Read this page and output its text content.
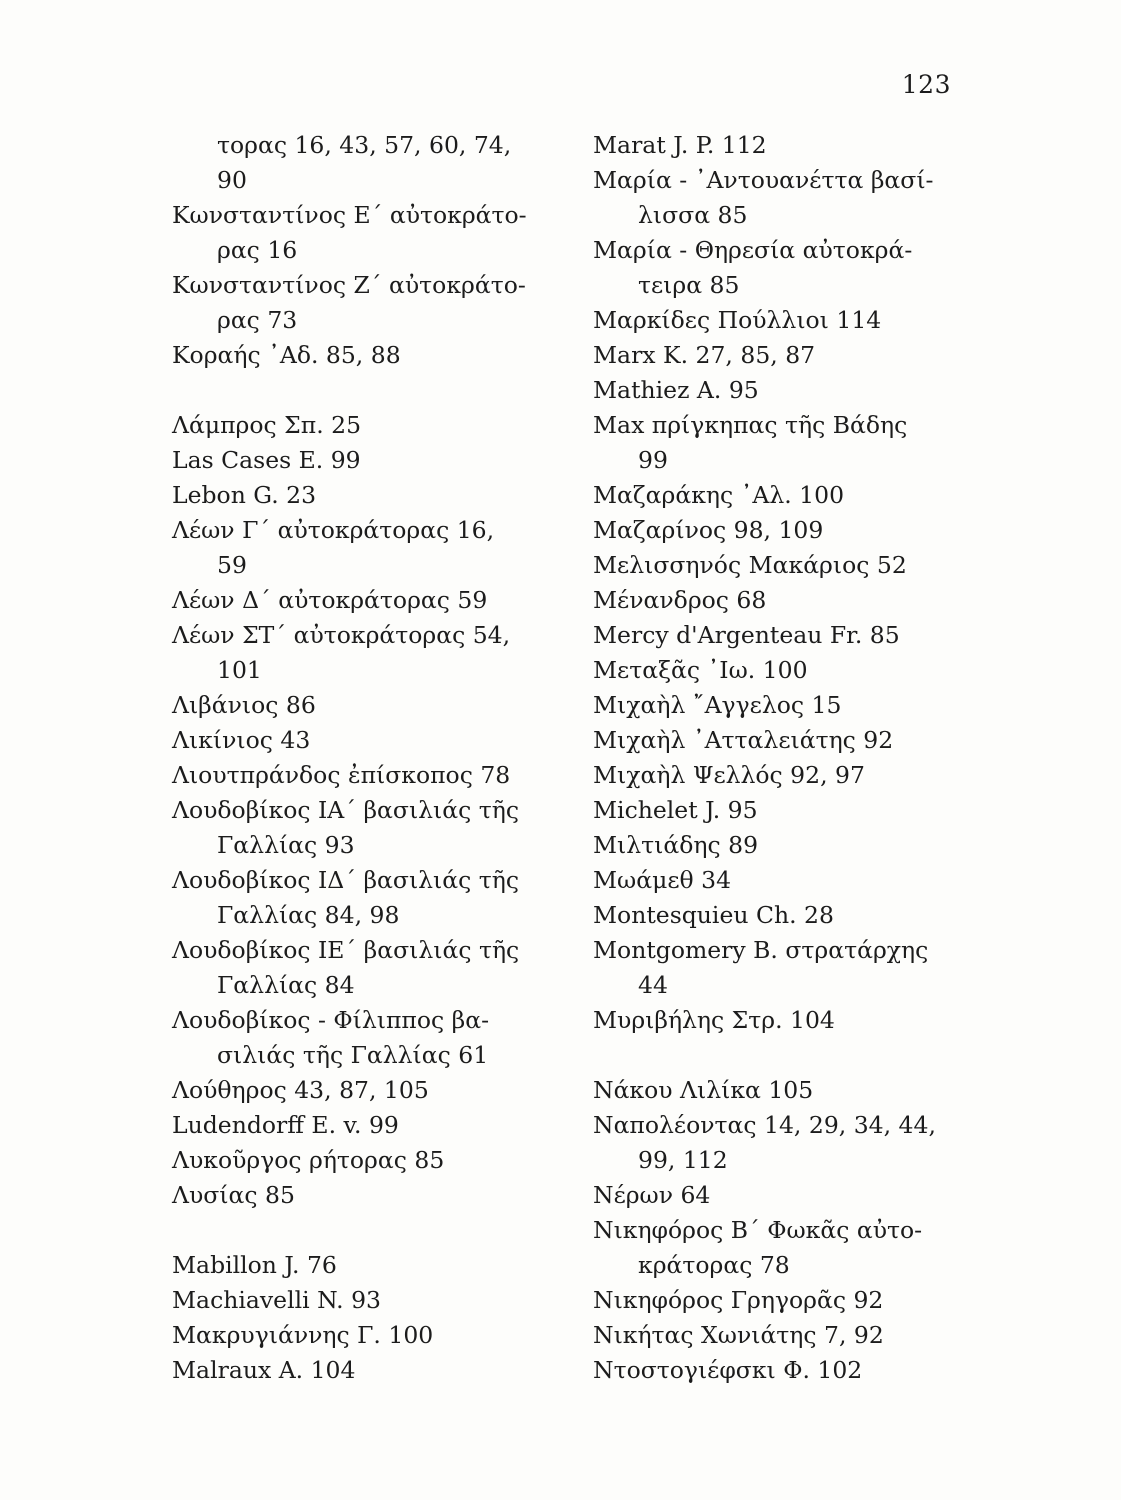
123
τορας 16, 43, 57, 60, 74,
90
Κωνσταντίνος Ε΄ αὐτοκράτο-
ρας 16
Κωνσταντίνος Ζ΄ αὐτοκράτο-
ρας 73
Κοραής ᾿Αδ. 85, 88
Λάμπρος Σπ. 25
Las Cases E. 99
Lebon G. 23
Λέων Γ΄ αὐτοκράτορας 16,
59
Λέων Δ΄ αὐτοκράτορας 59
Λέων ΣΤ΄ αὐτοκράτορας 54,
101
Λιβάνιος 86
Λικίνιος 43
Λιουτπράνδος ἐπίσκοπος 78
Λουδοβίκος ΙΑ΄ βασιλιάς τῆς
Γαλλίας 93
Λουδοβίκος ΙΔ΄ βασιλιάς τῆς
Γαλλίας 84, 98
Λουδοβίκος ΙΕ΄ βασιλιάς τῆς
Γαλλίας 84
Λουδοβίκος - Φίλιππος βα-
σιλιάς τῆς Γαλλίας 61
Λούθηρος 43, 87, 105
Ludendorff E. v. 99
Λυκοῦργος ρήτορας 85
Λυσίας 85
Mabillon J. 76
Machiavelli N. 93
Μακρυγιάννης Γ. 100
Malraux A. 104
Marat J. P. 112
Μαρία - ᾿Αντουανέττα βασί-
λισσα 85
Μαρία - Θηρεσία αὐτοκρά-
τειρα 85
Μαρκίδες Πούλλιοι 114
Marx K. 27, 85, 87
Mathiez A. 95
Max πρίγκηπας τῆς Βάδης
99
Μαζαράκης ᾿Αλ. 100
Μαζαρίνος 98, 109
Μελισσηνός Μακάριος 52
Μένανδρος 68
Mercy d'Argenteau Fr. 85
Μεταξᾶς ᾿Ιω. 100
Μιχαὴλ ῎Αγγελος 15
Μιχαὴλ ᾿Ατταλειάτης 92
Μιχαὴλ Ψελλός 92, 97
Michelet J. 95
Μιλτιάδης 89
Μωάμεθ 34
Montesquieu Ch. 28
Montgomery B. στρατάρχης
44
Μυριβήλης Στρ. 104
Νάκου Λιλίκα 105
Ναπολέοντας 14, 29, 34, 44,
99, 112
Νέρων 64
Νικηφόρος Β΄ Φωκᾶς αὐτο-
κράτορας 78
Νικηφόρος Γρηγορᾶς 92
Νικήτας Χωνιάτης 7, 92
Ντοστογιέφσκι Φ. 102
